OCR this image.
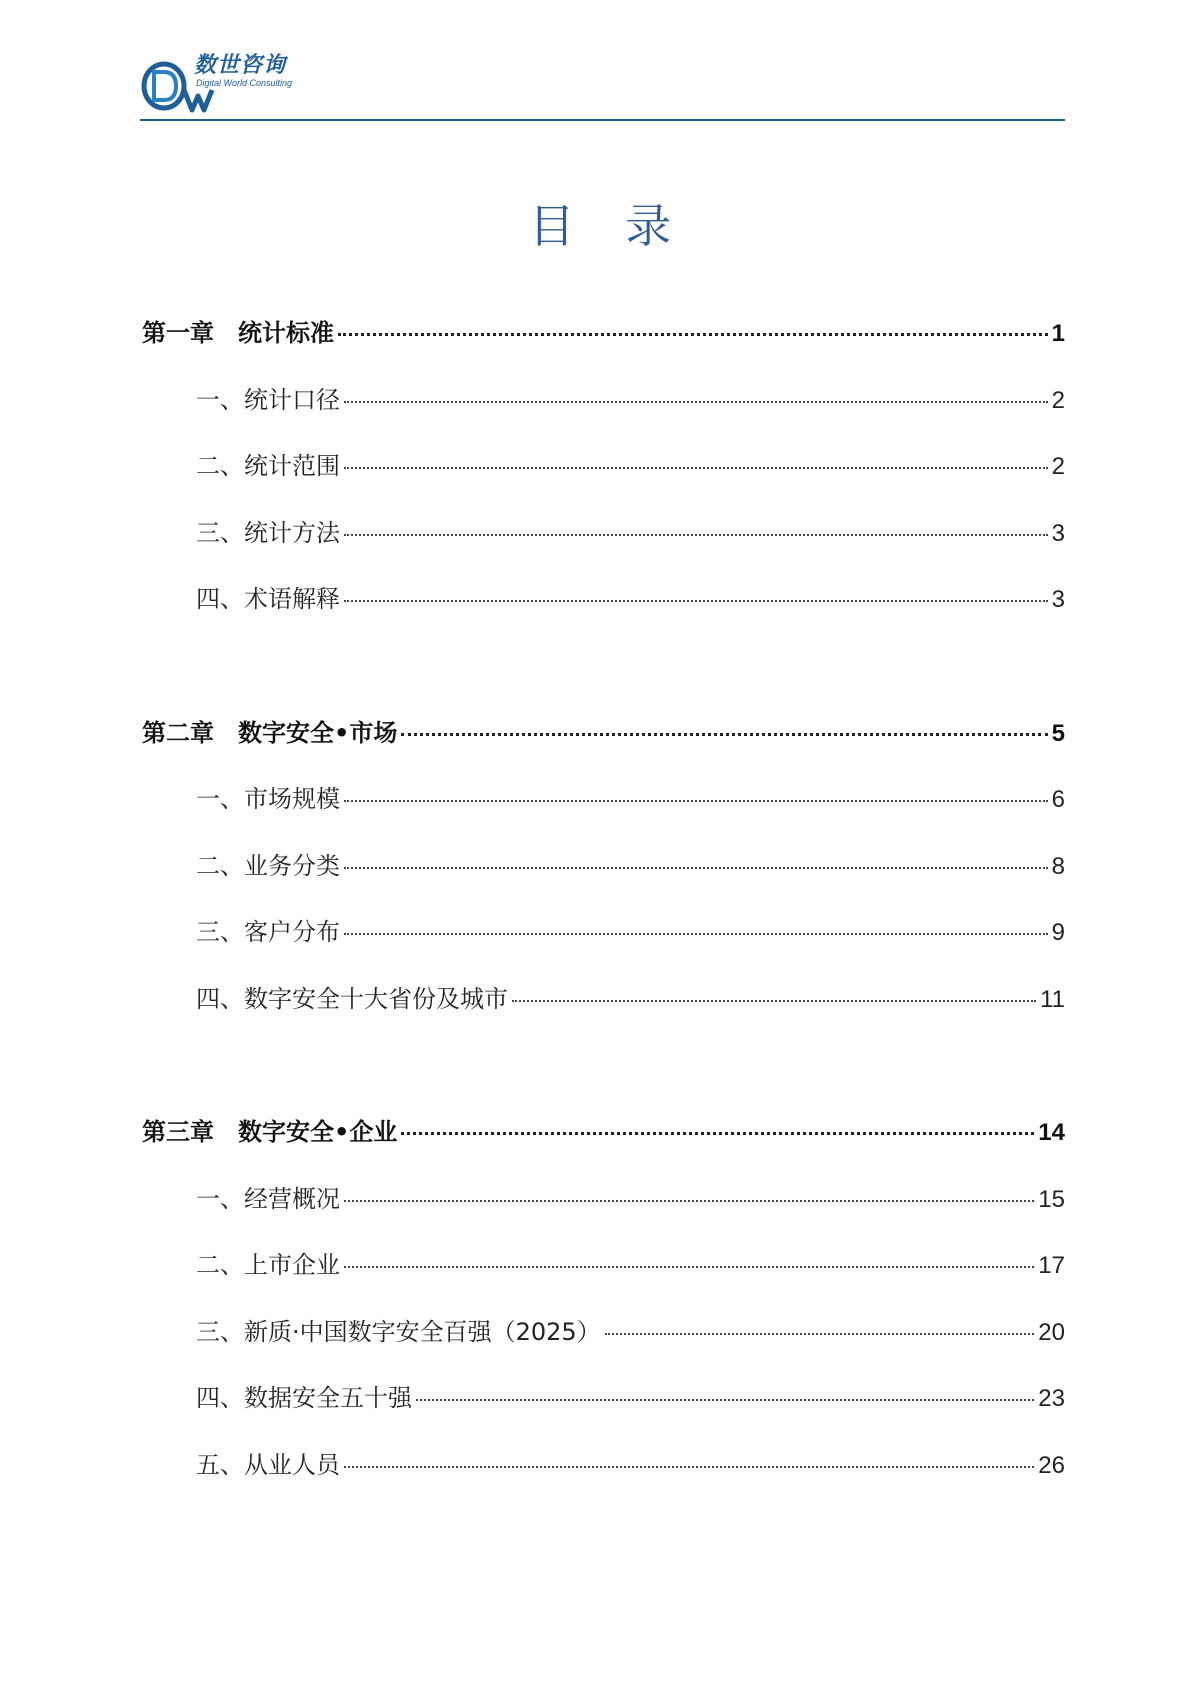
数世咨询
Digital World Consulting
目 录
第一章 统计标准	1
一、统计口径	2
二、统计范围	2
三、统计方法	3
四、术语解释	3
第二章 数字安全•市场	5
一、市场规模	6
二、业务分类	8
三、客户分布	9
四、数字安全十大省份及城市	11
第三章 数字安全•企业	14
一、经营概况	15
二、上市企业	17
三、新质·中国数字安全百强（2025）	20
四、数据安全五十强	23
五、从业人员	26
